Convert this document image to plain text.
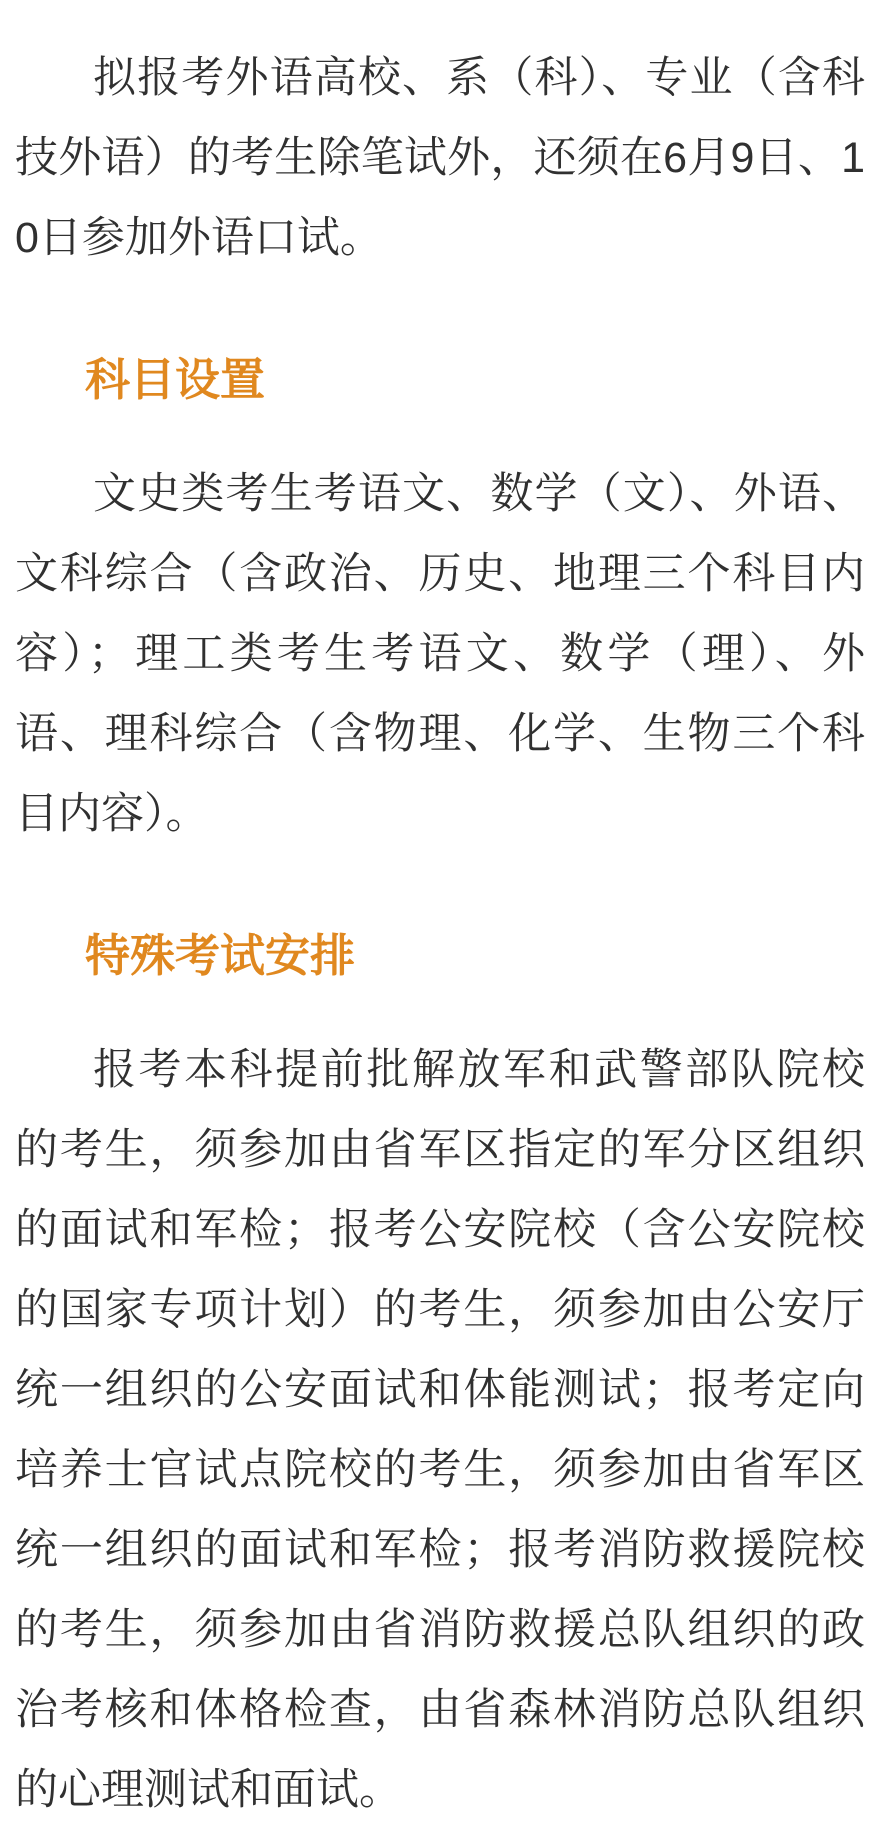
拟报考外语高校、系（科）、专业（含科技外语）的考生除笔试外，还须在6月9日、10日参加外语口试。

科目设置

文史类考生考语文、数学（文）、外语、文科综合（含政治、历史、地理三个科目内容）；理工类考生考语文、数学（理）、外语、理科综合（含物理、化学、生物三个科目内容）。

特殊考试安排

报考本科提前批解放军和武警部队院校的考生，须参加由省军区指定的军分区组织的面试和军检；报考公安院校（含公安院校的国家专项计划）的考生，须参加由公安厅统一组织的公安面试和体能测试；报考定向培养士官试点院校的考生，须参加由省军区统一组织的面试和军检；报考消防救援院校的考生，须参加由省消防救援总队组织的政治考核和体格检查，由省森林消防总队组织的心理测试和面试。
